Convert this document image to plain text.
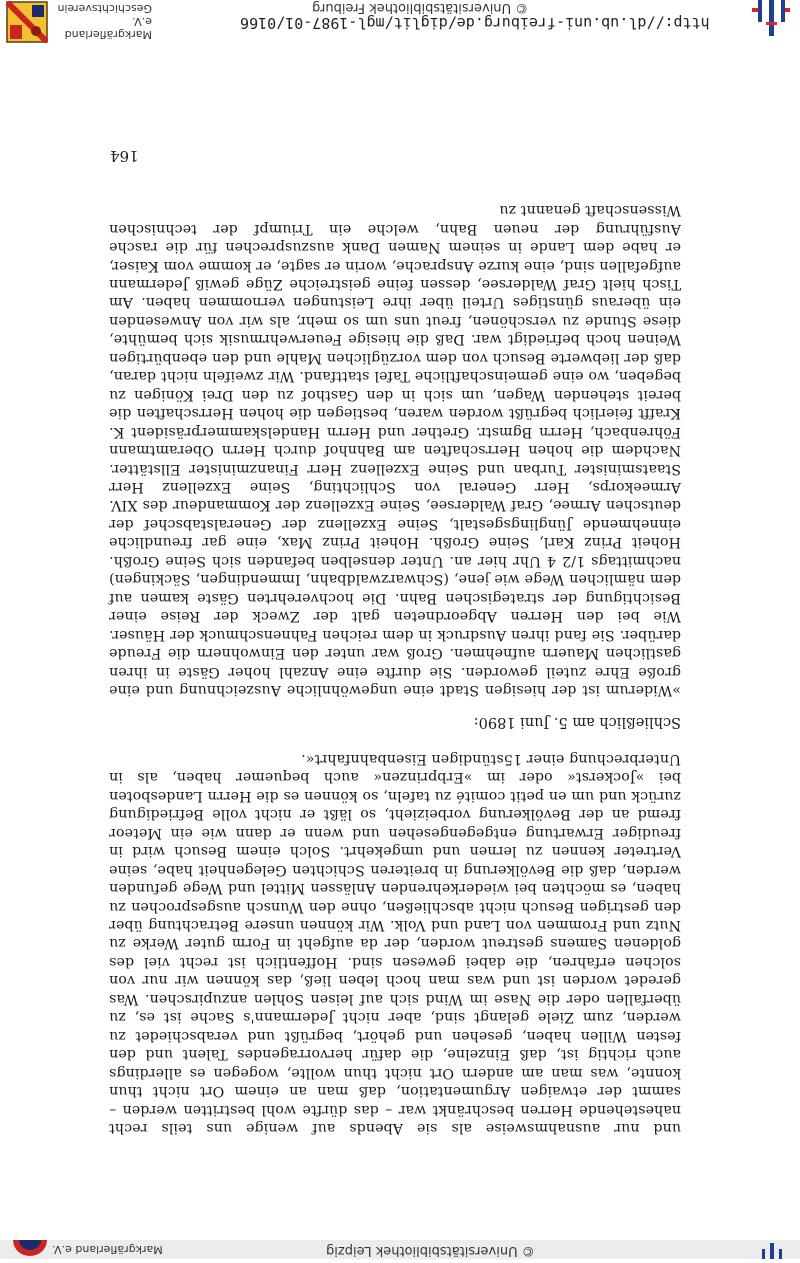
http://dl.ub.uni-freiburg.de/diglit/mgl-1987-01/0166
© Universitätsbibliothek Freiburg
Markgräflerland e.V.
Geschichtsverein
Markgräflerland e.V.	© Universitätsbibliothek Leipzig

und nur ausnahmsweise als sie Abends auf wenige uns teils recht nahestehende Herren beschränkt war – das dürfte wohl bestritten werden – sammt der etwaigen Argumentation, daß man an einem Ort nicht thun konnte, was man am andern Ort nicht thun wollte, wogegen es allerdings auch richtig ist, daß Einzelne, die dafür hervorragendes Talent und den festen Willen haben, gesehen und gehört, begrüßt und verabschiedet zu werden, zum Ziele gelangt sind, aber nicht Jedermann's Sache ist es, zu überfallen oder die Nase im Wind sich auf leisen Sohlen anzupirschen. Was geredet worden ist und was man hoch leben ließ, das können wir nur von solchen erfahren, die dabei gewesen sind. Hoffentlich ist recht viel des goldenen Samens gestreut worden, der da aufgeht in Form guter Werke zu Nutz und Frommen von Land und Volk. Wir können unsere Betrachtung über den gestrigen Besuch nicht abschließen, ohne den Wunsch ausgesprochen zu haben, es möchten bei wiederkehrenden Anlässen Mittel und Wege gefunden werden, daß die Bevölkerung in breiteren Schichten Gelegenheit habe, seine Vertreter kennen zu lernen und umgekehrt. Solch einem Besuch wird in freudiger Erwartung entgegengesehen und wenn er dann wie ein Meteor fremd an der Bevölkerung vorbeizieht, so läßt er nicht volle Befriedigung zurück und um en petit comité zu tafeln, so können es die Herrn Landesboten bei »Jockerst« oder im »Erbprinzen« auch bequemer haben, als in Unterbrechung einer 15stündigen Eisenbahnfahrt«.

Schließlich am 5. Juni 1890:

»Widerum ist der hiesigen Stadt eine ungewöhnliche Auszeichnung und eine große Ehre zuteil geworden. Sie durfte eine Anzahl hoher Gäste in ihren gastlichen Mauern aufnehmen. Groß war unter den Einwohnern die Freude darüber. Sie fand ihren Ausdruck in dem reichen Fahnenschmuck der Häuser. Wie bei den Herren Abgeordneten galt der Zweck der Reise einer Besichtigung der strategischen Bahn. Die hochverehrten Gäste kamen auf dem nämlichen Wege wie jene, (Schwarzwaldbahn, Immendingen, Säckingen) nachmittags 1/2 4 Uhr hier an. Unter denselben befanden sich Seine Großh. Hoheit Prinz Karl, Seine Großh. Hoheit Prinz Max, eine gar freundliche einnehmende Jünglingsgestalt, Seine Exzellenz der Generalstabschef der deutschen Armee, Graf Waldersee, Seine Exzellenz der Kommandeur des XIV. Armeekorps, Herr General von Schlichting, Seine Exzellenz Herr Staatsminister Turban und Seine Exzellenz Herr Finanzminister Ellstätter. Nachdem die hohen Herrschaften am Bahnhof durch Herrn Oberamtmann Föhrenbach, Herrn Bgmstr. Grether und Herrn Handelskammerpräsident K. Krafft feierlich begrüßt worden waren, bestiegen die hohen Herrschaften die bereit stehenden Wagen, um sich in den Gasthof zu den Drei Königen zu begeben, wo eine gemeinschaftliche Tafel stattfand. Wir zweifeln nicht daran, daß der liebwerte Besuch von dem vorzüglichen Mahle und den ebenbürtigen Weinen hoch befriedigt war. Daß die hiesige Feuerwehrmusik sich bemühte, diese Stunde zu verschönen, freut uns um so mehr, als wir von Anwesenden ein überaus günstiges Urteil über ihre Leistungen vernommen haben. Am Tisch hielt Graf Waldersee, dessen feine geistreiche Züge gewiß Jedermann aufgefallen sind, eine kurze Ansprache, worin er sagte, er komme vom Kaiser, er habe dem Lande in seinem Namen Dank auszusprechen für die rasche Ausführung der neuen Bahn, welche ein Triumpf der technischen Wissenschaft genannt zu

164
